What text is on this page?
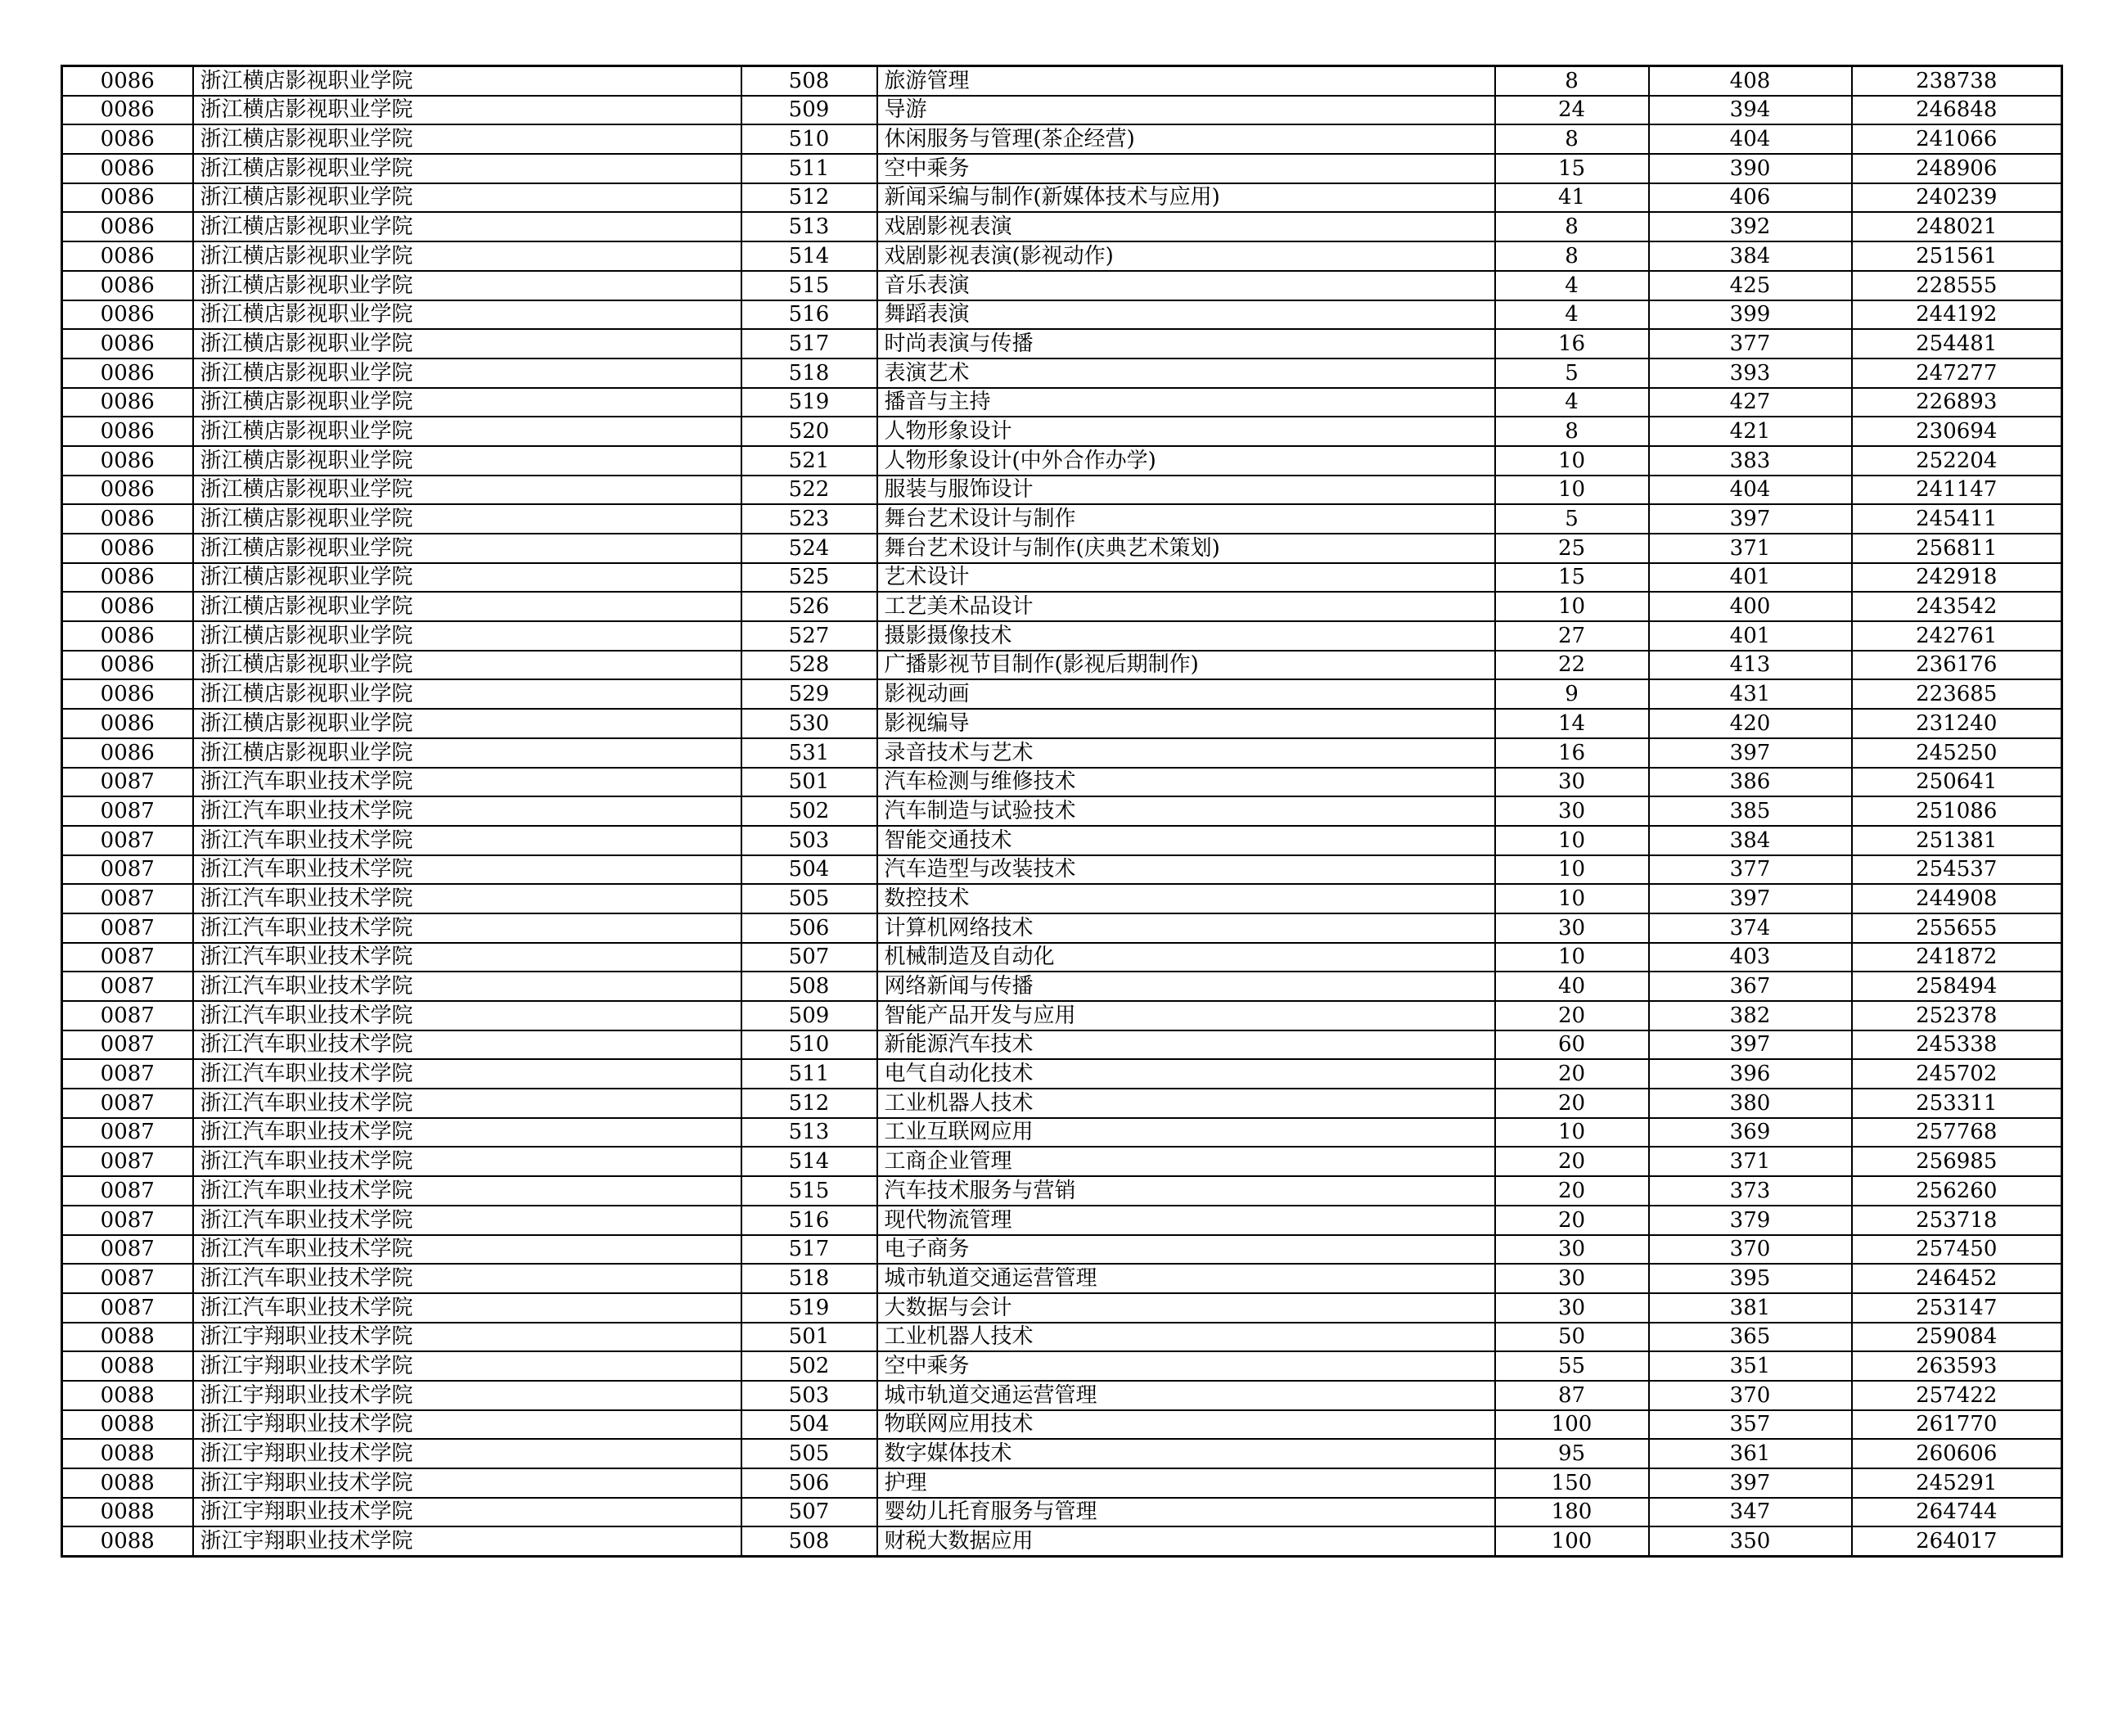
0086	浙江横店影视职业学院	508	旅游管理	8	408	238738
0086	浙江横店影视职业学院	509	导游	24	394	246848
0086	浙江横店影视职业学院	510	休闲服务与管理(茶企经营)	8	404	241066
0086	浙江横店影视职业学院	511	空中乘务	15	390	248906
0086	浙江横店影视职业学院	512	新闻采编与制作(新媒体技术与应用)	41	406	240239
0086	浙江横店影视职业学院	513	戏剧影视表演	8	392	248021
0086	浙江横店影视职业学院	514	戏剧影视表演(影视动作)	8	384	251561
0086	浙江横店影视职业学院	515	音乐表演	4	425	228555
0086	浙江横店影视职业学院	516	舞蹈表演	4	399	244192
0086	浙江横店影视职业学院	517	时尚表演与传播	16	377	254481
0086	浙江横店影视职业学院	518	表演艺术	5	393	247277
0086	浙江横店影视职业学院	519	播音与主持	4	427	226893
0086	浙江横店影视职业学院	520	人物形象设计	8	421	230694
0086	浙江横店影视职业学院	521	人物形象设计(中外合作办学)	10	383	252204
0086	浙江横店影视职业学院	522	服装与服饰设计	10	404	241147
0086	浙江横店影视职业学院	523	舞台艺术设计与制作	5	397	245411
0086	浙江横店影视职业学院	524	舞台艺术设计与制作(庆典艺术策划)	25	371	256811
0086	浙江横店影视职业学院	525	艺术设计	15	401	242918
0086	浙江横店影视职业学院	526	工艺美术品设计	10	400	243542
0086	浙江横店影视职业学院	527	摄影摄像技术	27	401	242761
0086	浙江横店影视职业学院	528	广播影视节目制作(影视后期制作)	22	413	236176
0086	浙江横店影视职业学院	529	影视动画	9	431	223685
0086	浙江横店影视职业学院	530	影视编导	14	420	231240
0086	浙江横店影视职业学院	531	录音技术与艺术	16	397	245250
0087	浙江汽车职业技术学院	501	汽车检测与维修技术	30	386	250641
0087	浙江汽车职业技术学院	502	汽车制造与试验技术	30	385	251086
0087	浙江汽车职业技术学院	503	智能交通技术	10	384	251381
0087	浙江汽车职业技术学院	504	汽车造型与改装技术	10	377	254537
0087	浙江汽车职业技术学院	505	数控技术	10	397	244908
0087	浙江汽车职业技术学院	506	计算机网络技术	30	374	255655
0087	浙江汽车职业技术学院	507	机械制造及自动化	10	403	241872
0087	浙江汽车职业技术学院	508	网络新闻与传播	40	367	258494
0087	浙江汽车职业技术学院	509	智能产品开发与应用	20	382	252378
0087	浙江汽车职业技术学院	510	新能源汽车技术	60	397	245338
0087	浙江汽车职业技术学院	511	电气自动化技术	20	396	245702
0087	浙江汽车职业技术学院	512	工业机器人技术	20	380	253311
0087	浙江汽车职业技术学院	513	工业互联网应用	10	369	257768
0087	浙江汽车职业技术学院	514	工商企业管理	20	371	256985
0087	浙江汽车职业技术学院	515	汽车技术服务与营销	20	373	256260
0087	浙江汽车职业技术学院	516	现代物流管理	20	379	253718
0087	浙江汽车职业技术学院	517	电子商务	30	370	257450
0087	浙江汽车职业技术学院	518	城市轨道交通运营管理	30	395	246452
0087	浙江汽车职业技术学院	519	大数据与会计	30	381	253147
0088	浙江宇翔职业技术学院	501	工业机器人技术	50	365	259084
0088	浙江宇翔职业技术学院	502	空中乘务	55	351	263593
0088	浙江宇翔职业技术学院	503	城市轨道交通运营管理	87	370	257422
0088	浙江宇翔职业技术学院	504	物联网应用技术	100	357	261770
0088	浙江宇翔职业技术学院	505	数字媒体技术	95	361	260606
0088	浙江宇翔职业技术学院	506	护理	150	397	245291
0088	浙江宇翔职业技术学院	507	婴幼儿托育服务与管理	180	347	264744
0088	浙江宇翔职业技术学院	508	财税大数据应用	100	350	264017
